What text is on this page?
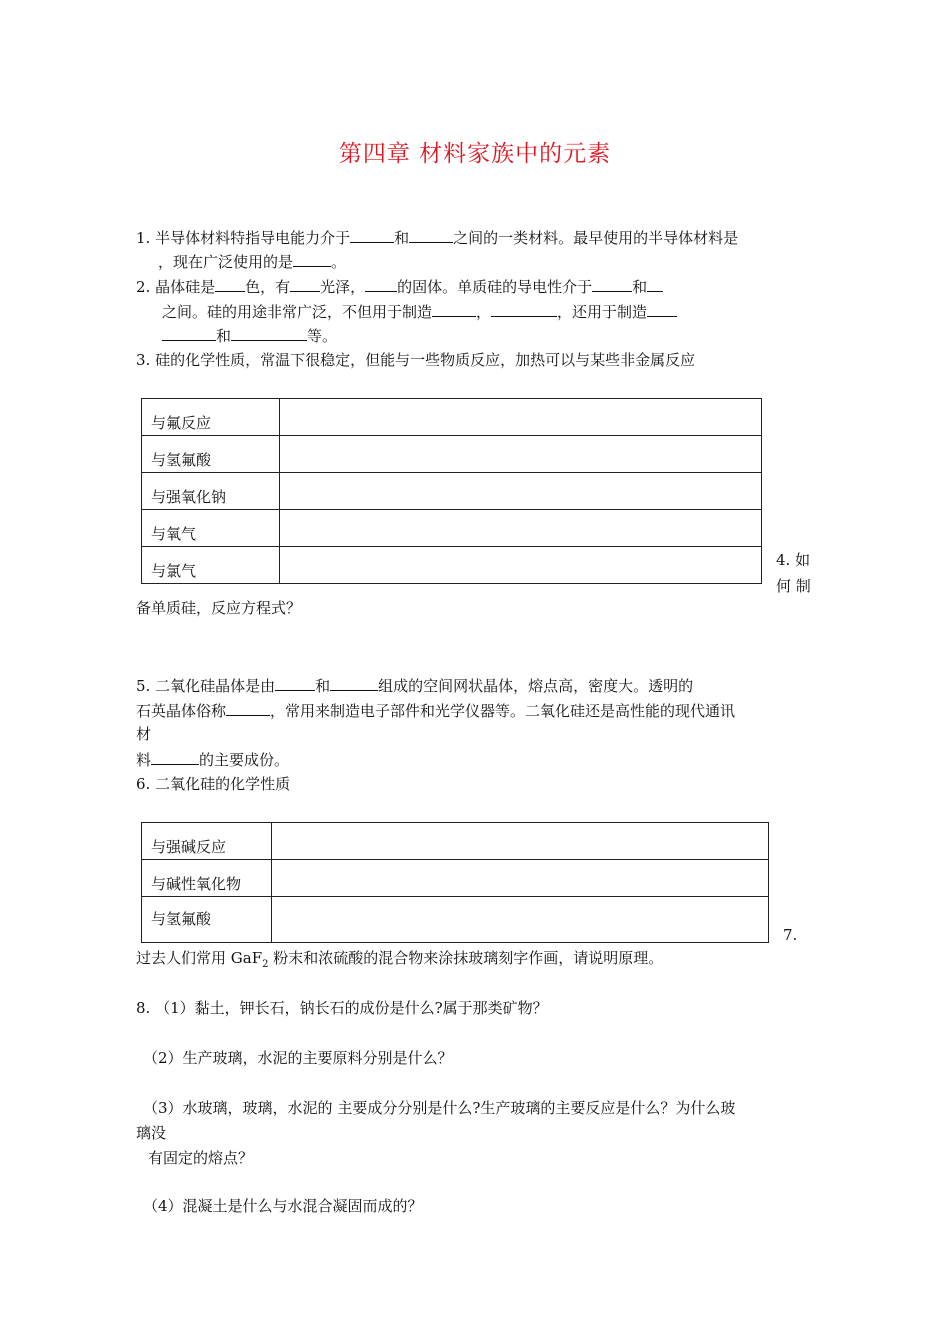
第四章 材料家族中的元素
1. 半导体材料特指导电能力介于	和	之间的一类材料。最早使用的半导体材料是
，现在广泛使用的是	。
2. 晶体硅是 色，有 光泽， 的固体。单质硅的导电性介于	和
之间。硅的用途非常广泛，不但用于制造	，	，还用于制造
和	等。
3. 硅的化学性质，常温下很稳定，但能与一些物质反应，加热可以与某些非金属反应
与氟反应	
与氢氟酸	
与强氧化钠	
与氧气	
与氯气	
4. 如
何 制
备单质硅，反应方程式？
5. 二氧化硅晶体是由	和	组成的空间网状晶体，熔点高，密度大。透明的
石英晶体俗称	，常用来制造电子部件和光学仪器等。二氧化硅还是高性能的现代通讯
材
料	的主要成份。
6. 二氧化硅的化学性质
与强碱反应	
与碱性氧化物	
与氢氟酸	
7.
过去人们常用 GaF$_2$ 粉末和浓硫酸的混合物来涂抹玻璃刻字作画，请说明原理。
8. （1）黏土，钾长石，钠长石的成份是什么?属于那类矿物？
（2）生产玻璃，水泥的主要原料分别是什么？
（3）水玻璃，玻璃，水泥的 主要成分分别是什么?生产玻璃的主要反应是什么？为什么玻
璃没
有固定的熔点？
（4）混凝土是什么与水混合凝固而成的？
